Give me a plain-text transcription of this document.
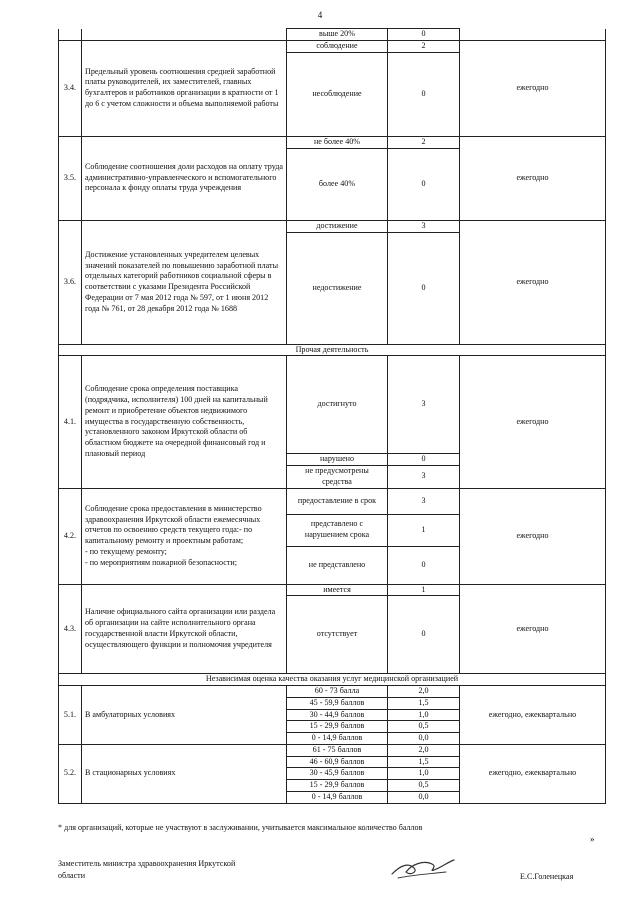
4
		выше 20%	0	
3.4.	Предельный уровень соотношения средней заработной платы руководителей, их заместителей, главных бухгалтеров и работников организации в кратности от 1 до 6 с учетом сложности и объема выполняемой работы	соблюдение	2	ежегодно
		несоблюдение	0	
3.5.	Соблюдение соотношения доли расходов на оплату труда административно-управленческого и вспомогательного персонала к фонду оплаты труда учреждения	не более 40%	2	ежегодно
		более 40%	0	
3.6.	Достижение установленных учредителем целевых значений показателей по повышению заработной платы отдельных категорий работников социальной сферы в соответствии с указами Президента Российской Федерации от 7 мая 2012 года № 597, от 1 июня 2012 года № 761, от 28 декабря 2012 года № 1688	достижение	3	ежегодно
		недостижение	0	
Прочая деятельность				
4.1.	Соблюдение срока определения поставщика (подрядчика, исполнителя) 100 дней на капитальный ремонт и приобретение объектов недвижимого имущества в государственную собственность, установленного законом Иркутской области об областном бюджете на очередной финансовый год и плановый период	достигнуто	3	ежегодно
		нарушено	0	
		не предусмотрены средства	3	
4.2.	Соблюдение срока предоставления в министерство здравоохранения Иркутской области ежемесячных отчетов по освоению средств текущего года:- по капитальному ремонту и проектным работам;
- по текущему ремонту;
- по мероприятиям пожарной безопасности;	предоставление в срок	3	ежегодно
		представлено с нарушением срока	1	
		не представлено	0	
4.3.	Наличие официального сайта организации или раздела об организации на сайте исполнительного органа государственной власти Иркутской области, осуществляющего функции и полномочия учредителя	имеется	1	ежегодно
		отсутствует	0	
Независимая оценка качества оказания услуг медицинской организацией				
5.1.	В амбулаторных условиях	60 - 73 балла	2,0	ежегодно, ежеквартально
		45 - 59,9 баллов	1,5	
		30 - 44,9 баллов	1,0	
		15 - 29,9 баллов	0,5	
		0 - 14,9 баллов	0,0	
5.2.	В стационарных условиях	61 - 75 баллов	2,0	ежегодно, ежеквартально
		46 - 60,9 баллов	1,5	
		30 - 45,9 баллов	1,0	
		15 - 29,9 баллов	0,5	
		0 - 14,9 баллов	0,0	
* для организаций, которые не участвуют в заслуживании, учитывается максимальное количество баллов
»
Заместитель министра здравоохранения Иркутской
области	Е.С.Голенецкая
